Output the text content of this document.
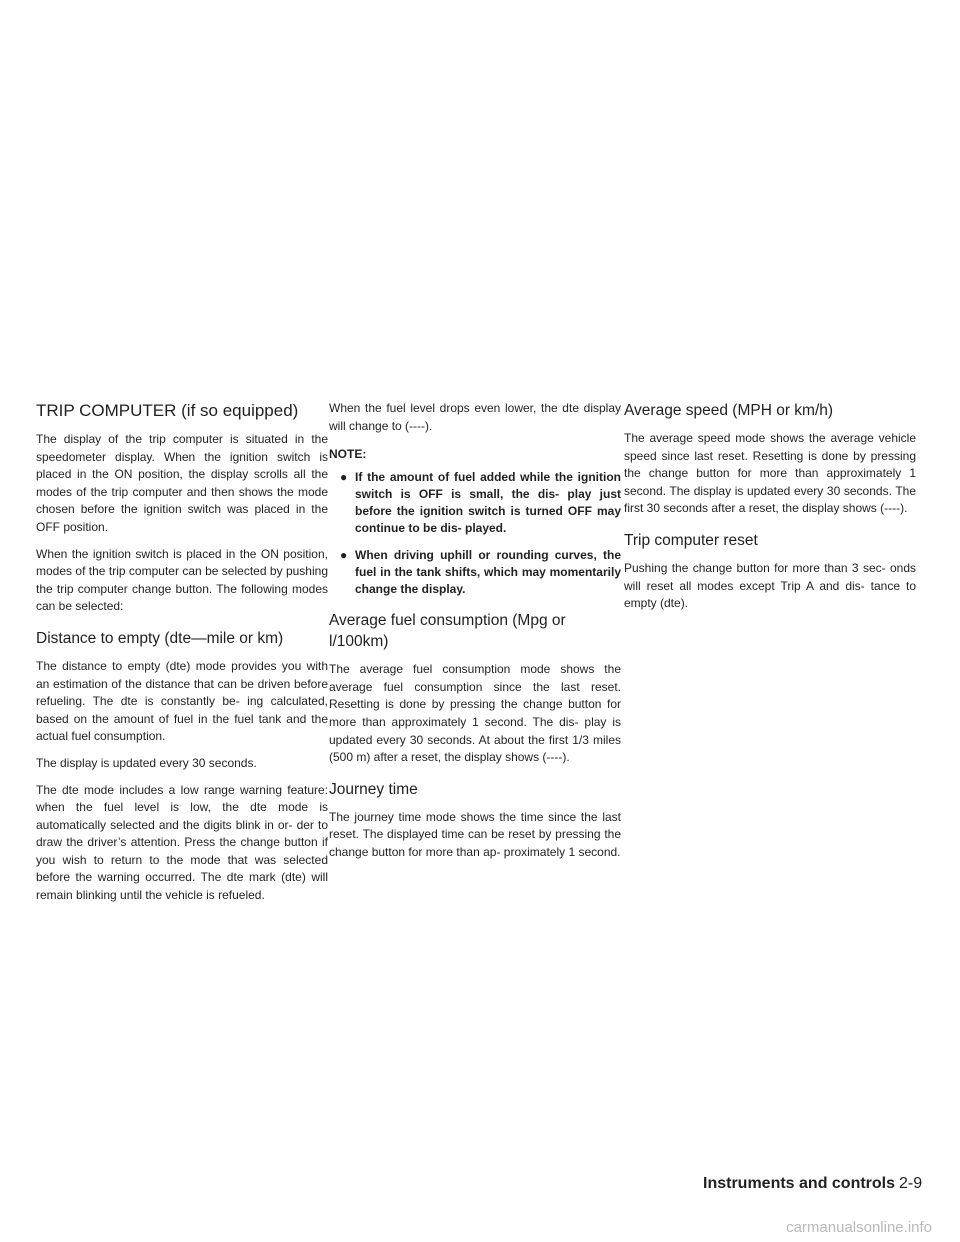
TRIP COMPUTER (if so equipped)

The display of the trip computer is situated in the speedometer display. When the ignition switch is placed in the ON position, the display scrolls all the modes of the trip computer and then shows the mode chosen before the ignition switch was placed in the OFF position.

When the ignition switch is placed in the ON position, modes of the trip computer can be selected by pushing the trip computer change button. The following modes can be selected:

Distance to empty (dte—mile or km)

The distance to empty (dte) mode provides you with an estimation of the distance that can be driven before refueling. The dte is constantly be- ing calculated, based on the amount of fuel in the fuel tank and the actual fuel consumption.

The display is updated every 30 seconds.

The dte mode includes a low range warning feature: when the fuel level is low, the dte mode is automatically selected and the digits blink in or- der to draw the driver’s attention. Press the change button if you wish to return to the mode that was selected before the warning occurred. The dte mark (dte) will remain blinking until the vehicle is refueled.

When the fuel level drops even lower, the dte display will change to (----).

NOTE:
● If the amount of fuel added while the ignition switch is OFF is small, the dis- play just before the ignition switch is turned OFF may continue to be dis- played.
● When driving uphill or rounding curves, the fuel in the tank shifts, which may momentarily change the display.
Average fuel consumption (Mpg or l/100km)

The average fuel consumption mode shows the average fuel consumption since the last reset. Resetting is done by pressing the change button for more than approximately 1 second. The dis- play is updated every 30 seconds. At about the first 1/3 miles (500 m) after a reset, the display shows (----).

Journey time

The journey time mode shows the time since the last reset. The displayed time can be reset by pressing the change button for more than ap- proximately 1 second.

Average speed (MPH or km/h)

The average speed mode shows the average vehicle speed since last reset. Resetting is done by pressing the change button for more than approximately 1 second. The display is updated every 30 seconds. The first 30 seconds after a reset, the display shows (----).

Trip computer reset

Pushing the change button for more than 3 sec- onds will reset all modes except Trip A and dis- tance to empty (dte).

Instruments and controls 2-9
carmanualsonline.info
